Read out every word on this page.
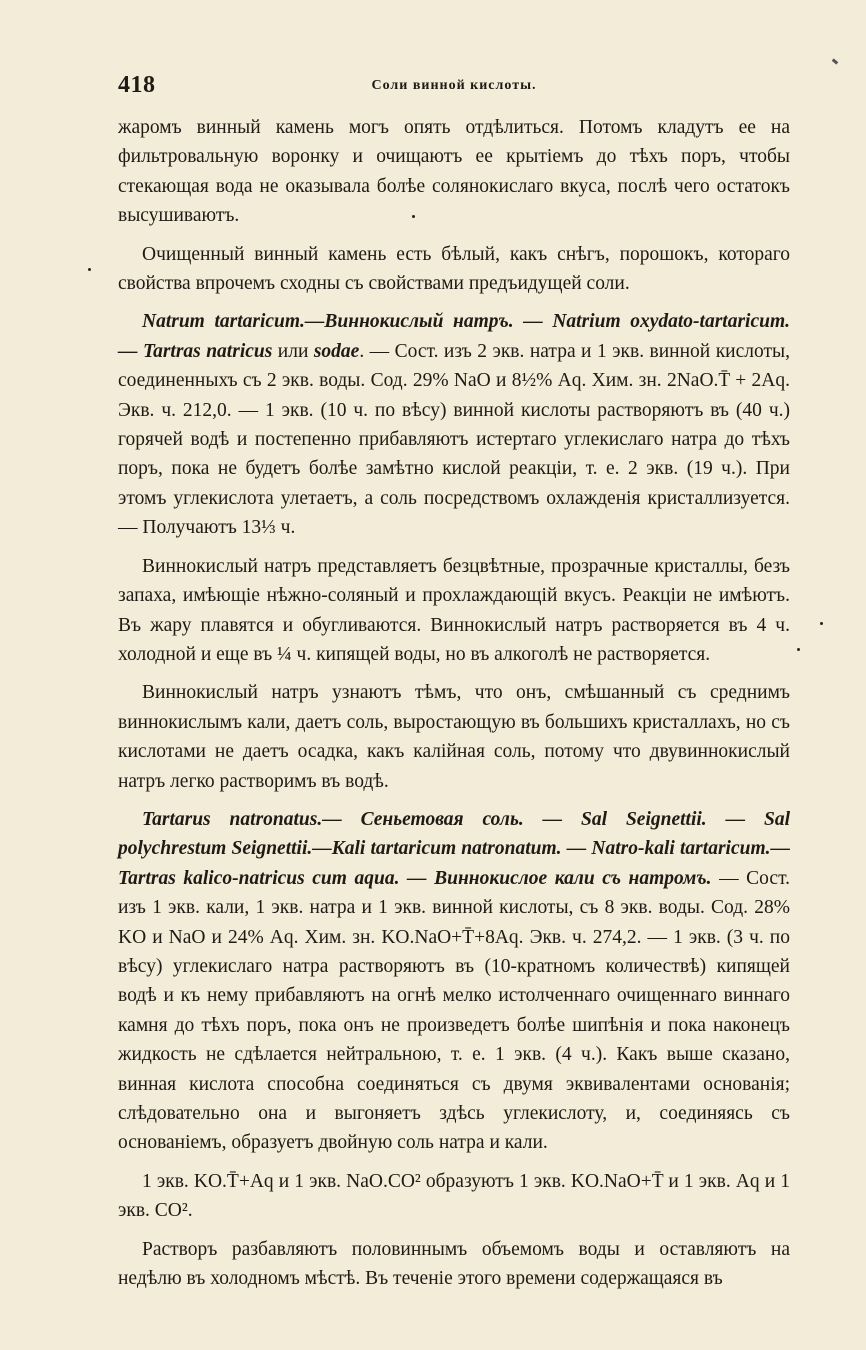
418	Соли винной кислоты.

жаромъ винный камень могъ опять отдѣлиться. Потомъ кладутъ ее на фильтровальную воронку и очищаютъ ее крытіемъ до тѣхъ поръ, чтобы стекающая вода не оказывала болѣе солянокислаго вкуса, послѣ чего остатокъ высушиваютъ.

Очищенный винный камень есть бѣлый, какъ снѣгъ, порошокъ, котораго свойства впрочемъ сходны съ свойствами предъидущей соли.

Natrum tartaricum.—Виннокислый натръ. — Natrium oxydato-tartaricum. — Tartras natricus или sodae. — Сост. изъ 2 экв. натра и 1 экв. винной кислоты, соединенныхъ съ 2 экв. воды. Сод. 29% NaO и 8½% Aq. Хим. зн. 2NaO.T̄ + 2Aq. Экв. ч. 212,0. — 1 экв. (10 ч. по вѣсу) винной кислоты растворяютъ въ (40 ч.) горячей водѣ и постепенно прибавляютъ истертаго углекислаго натра до тѣхъ поръ, пока не будетъ болѣе замѣтно кислой реакціи, т. е. 2 экв. (19 ч.). При этомъ углекислота улетаетъ, а соль посредствомъ охлажденія кристаллизуется. — Получаютъ 13⅓ ч.

Виннокислый натръ представляетъ безцвѣтные, прозрачные кристаллы, безъ запаха, имѣющіе нѣжно-соляный и прохлаждающій вкусъ. Реакціи не имѣютъ. Въ жару плавятся и обугливаются. Виннокислый натръ растворяется въ 4 ч. холодной и еще въ ¼ ч. кипящей воды, но въ алкоголѣ не растворяется.

Виннокислый натръ узнаютъ тѣмъ, что онъ, смѣшанный съ среднимъ виннокислымъ кали, даетъ соль, выростающую въ большихъ кристаллахъ, но съ кислотами не даетъ осадка, какъ калійная соль, потому что двувиннокислый натръ легко растворимъ въ водѣ.

Tartarus natronatus.— Сеньетовая соль. — Sal Seignettii. — Sal polychrestum Seignettii.—Kali tartaricum natronatum. — Natro-kali tartaricum.—Tartras kalico-natricus cum aqua. — Виннокислое кали съ натромъ. — Сост. изъ 1 экв. кали, 1 экв. натра и 1 экв. винной кислоты, съ 8 экв. воды. Сод. 28% KO и NaO и 24% Aq. Хим. зн. KO.NaO+T̄+8Aq. Экв. ч. 274,2. — 1 экв. (3 ч. по вѣсу) углекислаго натра растворяютъ въ (10-кратномъ количествѣ) кипящей водѣ и къ нему прибавляютъ на огнѣ мелко истолченнаго очищеннаго виннаго камня до тѣхъ поръ, пока онъ не произведетъ болѣе шипѣнія и пока наконецъ жидкость не сдѣлается нейтральною, т. е. 1 экв. (4 ч.). Какъ выше сказано, винная кислота способна соединяться съ двумя эквивалентами основанія; слѣдовательно она и выгоняетъ здѣсь углекислоту, и, соединяясь съ основаніемъ, образуетъ двойную соль натра и кали.

1 экв. KO.T̄+Aq и 1 экв. NaO.CO² образуютъ 1 экв. KO.NaO+T̄ и 1 экв. Aq и 1 экв. CO².

Растворъ разбавляютъ половиннымъ объемомъ воды и оставляютъ на недѣлю въ холодномъ мѣстѣ. Въ теченіе этого времени содержащаяся въ
